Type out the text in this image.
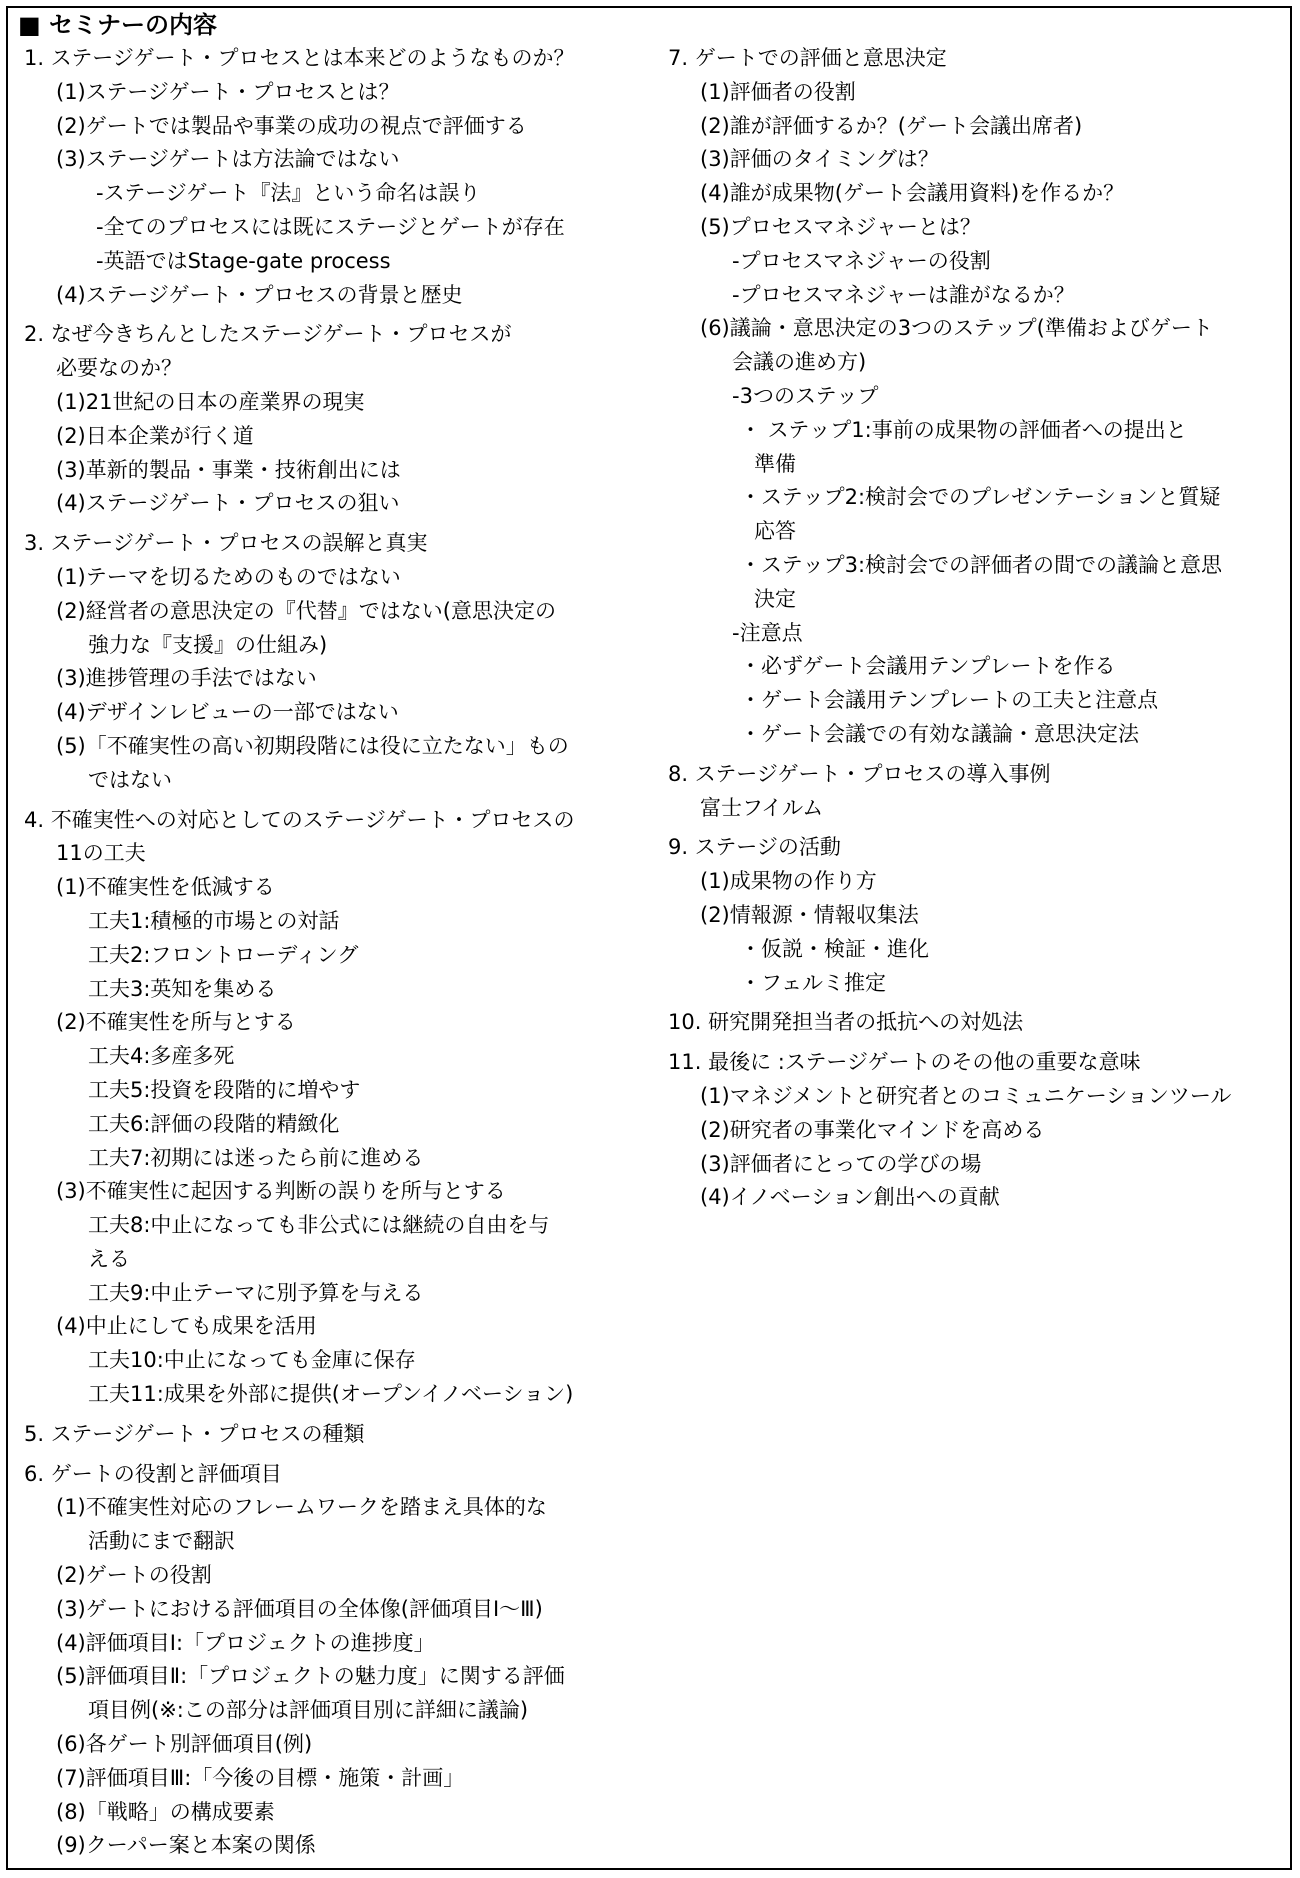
■ セミナーの内容
1. ステージゲート・プロセスとは本来どのようなものか？
(1)ステージゲート・プロセスとは？
(2)ゲートでは製品や事業の成功の視点で評価する
(3)ステージゲートは方法論ではない
-ステージゲート『法』という命名は誤り
-全てのプロセスには既にステージとゲートが存在
-英語ではStage-gate process
(4)ステージゲート・プロセスの背景と歴史
2. なぜ今きちんとしたステージゲート・プロセスが
必要なのか？
(1)21世紀の日本の産業界の現実
(2)日本企業が行く道
(3)革新的製品・事業・技術創出には
(4)ステージゲート・プロセスの狙い
3. ステージゲート・プロセスの誤解と真実
(1)テーマを切るためのものではない
(2)経営者の意思決定の『代替』ではない(意思決定の
強力な『支援』の仕組み)
(3)進捗管理の手法ではない
(4)デザインレビューの一部ではない
(5)「不確実性の高い初期段階には役に立たない」もの
ではない
4. 不確実性への対応としてのステージゲート・プロセスの
11の工夫
(1)不確実性を低減する
工夫1:積極的市場との対話
工夫2:フロントローディング
工夫3:英知を集める
(2)不確実性を所与とする
工夫4:多産多死
工夫5:投資を段階的に増やす
工夫6:評価の段階的精緻化
工夫7:初期には迷ったら前に進める
(3)不確実性に起因する判断の誤りを所与とする
工夫8:中止になっても非公式には継続の自由を与
える
工夫9:中止テーマに別予算を与える
(4)中止にしても成果を活用
工夫10:中止になっても金庫に保存
工夫11:成果を外部に提供(オープンイノベーション)
5. ステージゲート・プロセスの種類
6. ゲートの役割と評価項目
(1)不確実性対応のフレームワークを踏まえ具体的な
活動にまで翻訳
(2)ゲートの役割
(3)ゲートにおける評価項目の全体像(評価項目Ⅰ～Ⅲ)
(4)評価項目Ⅰ:「プロジェクトの進捗度」
(5)評価項目Ⅱ:「プロジェクトの魅力度」に関する評価
項目例(※:この部分は評価項目別に詳細に議論)
(6)各ゲート別評価項目(例)
(7)評価項目Ⅲ:「今後の目標・施策・計画」
(8)「戦略」の構成要素
(9)クーパー案と本案の関係
7. ゲートでの評価と意思決定
(1)評価者の役割
(2)誰が評価するか？(ゲート会議出席者)
(3)評価のタイミングは？
(4)誰が成果物(ゲート会議用資料)を作るか？
(5)プロセスマネジャーとは？
-プロセスマネジャーの役割
-プロセスマネジャーは誰がなるか？
(6)議論・意思決定の3つのステップ(準備およびゲート
会議の進め方)
-3つのステップ
・ ステップ1:事前の成果物の評価者への提出と
準備
・ステップ2:検討会でのプレゼンテーションと質疑
応答
・ステップ3:検討会での評価者の間での議論と意思
決定
-注意点
・必ずゲート会議用テンプレートを作る
・ゲート会議用テンプレートの工夫と注意点
・ゲート会議での有効な議論・意思決定法
8. ステージゲート・プロセスの導入事例
富士フイルム
9. ステージの活動
(1)成果物の作り方
(2)情報源・情報収集法
・仮説・検証・進化
・フェルミ推定
10. 研究開発担当者の抵抗への対処法
11. 最後に :ステージゲートのその他の重要な意味
(1)マネジメントと研究者とのコミュニケーションツール
(2)研究者の事業化マインドを高める
(3)評価者にとっての学びの場
(4)イノベーション創出への貢献
